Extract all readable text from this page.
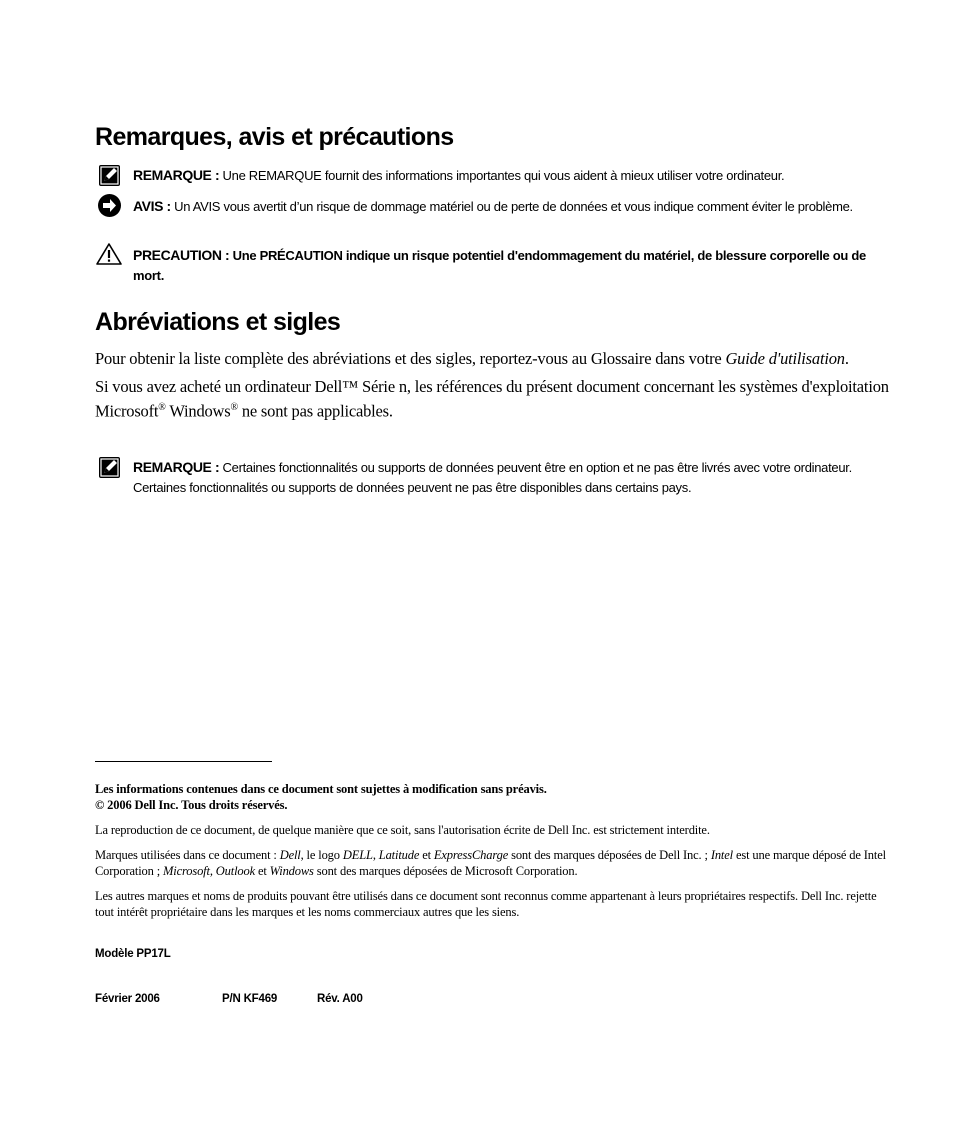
Remarques, avis et précautions
REMARQUE : Une REMARQUE fournit des informations importantes qui vous aident à mieux utiliser votre ordinateur.
AVIS : Un AVIS vous avertit d’un risque de dommage matériel ou de perte de données et vous indique comment éviter le problème.
PRECAUTION : Une PRÉCAUTION indique un risque potentiel d'endommagement du matériel, de blessure corporelle ou de mort.
Abréviations et sigles
Pour obtenir la liste complète des abréviations et des sigles, reportez-vous au Glossaire dans votre Guide d'utilisation.
Si vous avez acheté un ordinateur Dell™ Série n, les références du présent document concernant les systèmes d'exploitation Microsoft® Windows® ne sont pas applicables.
REMARQUE : Certaines fonctionnalités ou supports de données peuvent être en option et ne pas être livrés avec votre ordinateur. Certaines fonctionnalités ou supports de données peuvent ne pas être disponibles dans certains pays.
Les informations contenues dans ce document sont sujettes à modification sans préavis.
© 2006 Dell Inc. Tous droits réservés.
La reproduction de ce document, de quelque manière que ce soit, sans l'autorisation écrite de Dell Inc. est strictement interdite.
Marques utilisées dans ce document : Dell, le logo DELL, Latitude et ExpressCharge sont des marques déposées de Dell Inc. ; Intel est une marque déposé de Intel Corporation ; Microsoft, Outlook et Windows sont des marques déposées de Microsoft Corporation.
Les autres marques et noms de produits pouvant être utilisés dans ce document sont reconnus comme appartenant à leurs propriétaires respectifs. Dell Inc. rejette tout intérêt propriétaire dans les marques et les noms commerciaux autres que les siens.
Modèle PP17L
Février 2006	P/N KF469	Rév. A00
